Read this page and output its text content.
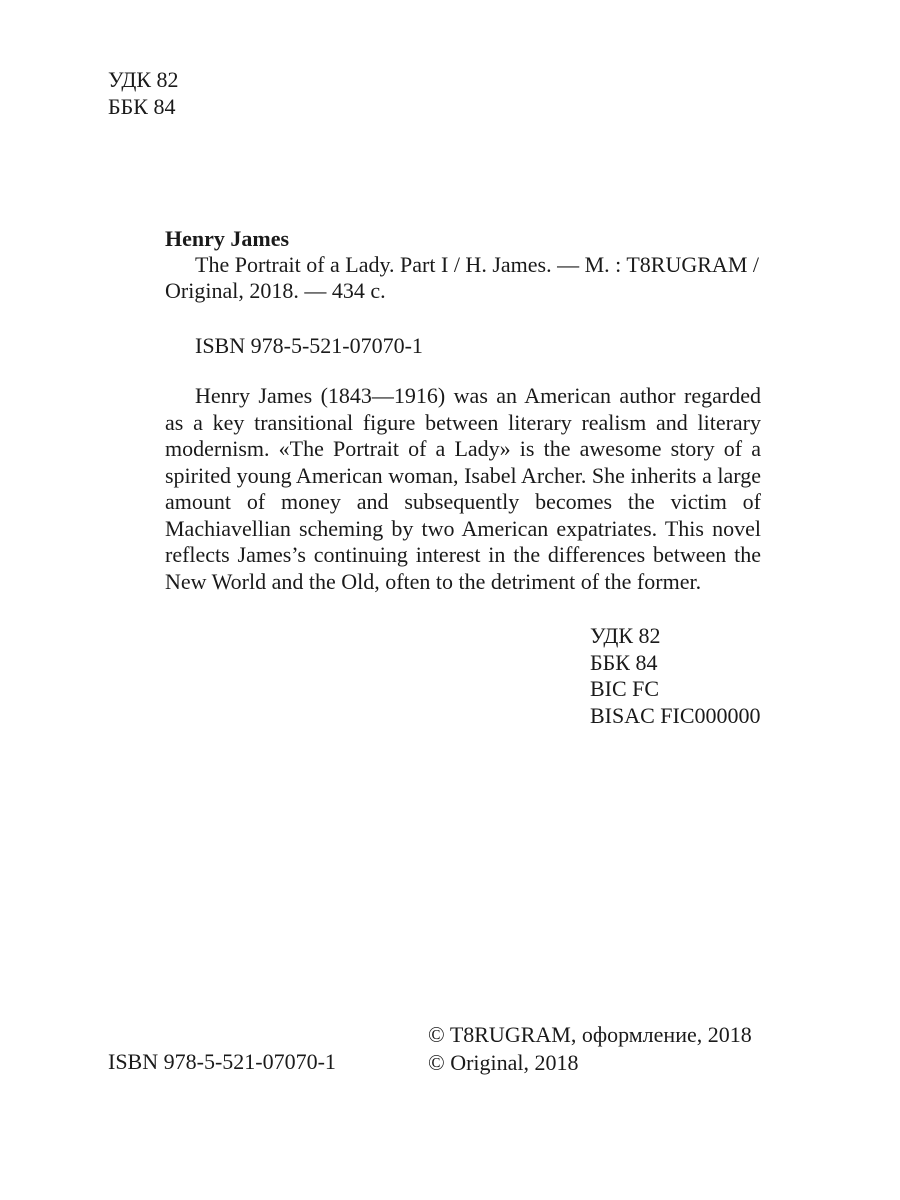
УДК 82
ББК 84
Henry James

The Portrait of a Lady. Part I / H. James. — M. : T8RUGRAM / Original, 2018. — 434 c.

ISBN 978-5-521-07070-1

Henry James (1843—1916) was an American author regarded as a key transitional figure between literary realism and literary modernism. «The Portrait of a Lady» is the awesome story of a spirited young American woman, Isabel Archer. She inherits a large amount of money and subsequently becomes the victim of Machiavellian scheming by two American expatriates. This novel reflects James’s continuing interest in the differences between the New World and the Old, often to the detriment of the former.

УДК 82
ББК 84
BIC FC
BISAC FIC000000
ISBN 978-5-521-07070-1
© T8RUGRAM, оформление, 2018
© Original, 2018
